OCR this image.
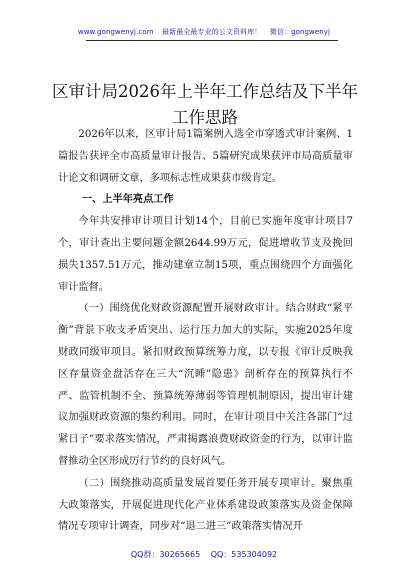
www.gongwenyj.com 最新最全最专业的公文资料库！ 微信：gongwenyj
区审计局2026年上半年工作总结及下半年工作思路

2026年以来，区审计局1篇案例入选全市穿透式审计案例、1篇报告获评全市高质量审计报告、5篇研究成果获评市局高质量审计论文和调研文章，多项标志性成果获市级肯定。

一、上半年亮点工作

今年共安排审计项目计划14个，目前已实施年度审计项目7个，审计查出主要问题金额2644.99万元，促进增收节支及挽回损失1357.51万元，推动建章立制15项，重点围绕四个方面强化审计监督。

（一）围绕优化财政资源配置开展财政审计。结合财政“紧平衡”背景下收支矛盾突出、运行压力加大的实际，实施2025年度财政同级审项目。紧扣财政预算统筹力度，以专报《审计反映我区存量资金盘活存在三大“沉睡”隐患》剖析存在的预算执行不严、监管机制不全、预算统筹薄弱等管理机制原因，提出审计建议加强财政资源的集约利用。同时，在审计项目中关注各部门“过紧日子”要求落实情况，严肃揭露浪费财政资金的行为，以审计监督推动全区形成厉行节约的良好风气。

（二）围绕推动高质量发展首要任务开展专项审计。聚焦重大政策落实，开展促进现代化产业体系建设政策落实及资金保障情况专项审计调查，同步对“退二进三”政策落实情况开

QQ群：30265665 QQ：535304092
